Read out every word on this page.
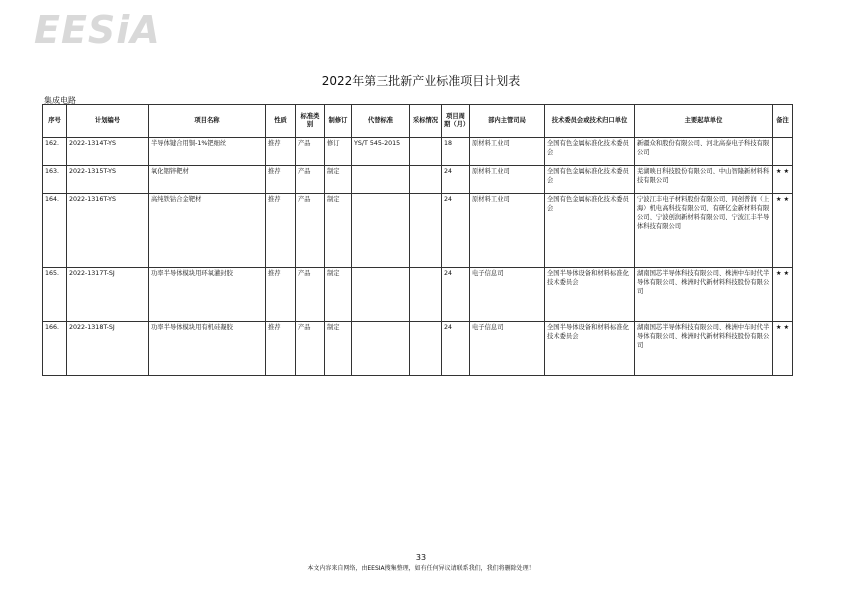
EESiA
2022年第三批新产业标准项目计划表
集成电路
序号	计划编号	项目名称	性质	标准类别	制修订	代替标准	采标情况	项目周期（月）	部内主管司局	技术委员会或技术归口单位	主要起草单位	备注
162.	2022-1314T-YS	半导体键合用铜-1%钯细丝	推荐	产品	修订	YS/T 545-2015		18	原材料工业司	全国有色金属标准化技术委员会	新疆众和股份有限公司、河北高泰电子科技有限公司	
163.	2022-1315T-YS	氧化铟锌靶材	推荐	产品	制定			24	原材料工业司	全国有色金属标准化技术委员会	芜湖映日科技股份有限公司、中山智隆新材料科技有限公司	★ ★
164.	2022-1316T-YS	高纯铁钴合金靶材	推荐	产品	制定			24	原材料工业司	全国有色金属标准化技术委员会	宁波江丰电子材料股份有限公司、同创普润（上海）机电高科技有限公司、有研亿金新材料有限公司、宁波创润新材料有限公司、宁波江丰半导体科技有限公司	★ ★
165.	2022-1317T-SJ	功率半导体模块用环氧灌封胶	推荐	产品	制定			24	电子信息司	全国半导体设备和材料标准化技术委员会	湖南国芯半导体科技有限公司、株洲中车时代半导体有限公司、株洲时代新材料科技股份有限公司	★ ★
166.	2022-1318T-SJ	功率半导体模块用有机硅凝胶	推荐	产品	制定			24	电子信息司	全国半导体设备和材料标准化技术委员会	湖南国芯半导体科技有限公司、株洲中车时代半导体有限公司、株洲时代新材料科技股份有限公司	★ ★
33
本文内容来自网络，由EESIA搜集整理，如有任何异议请联系我们，我们将删除处理！
